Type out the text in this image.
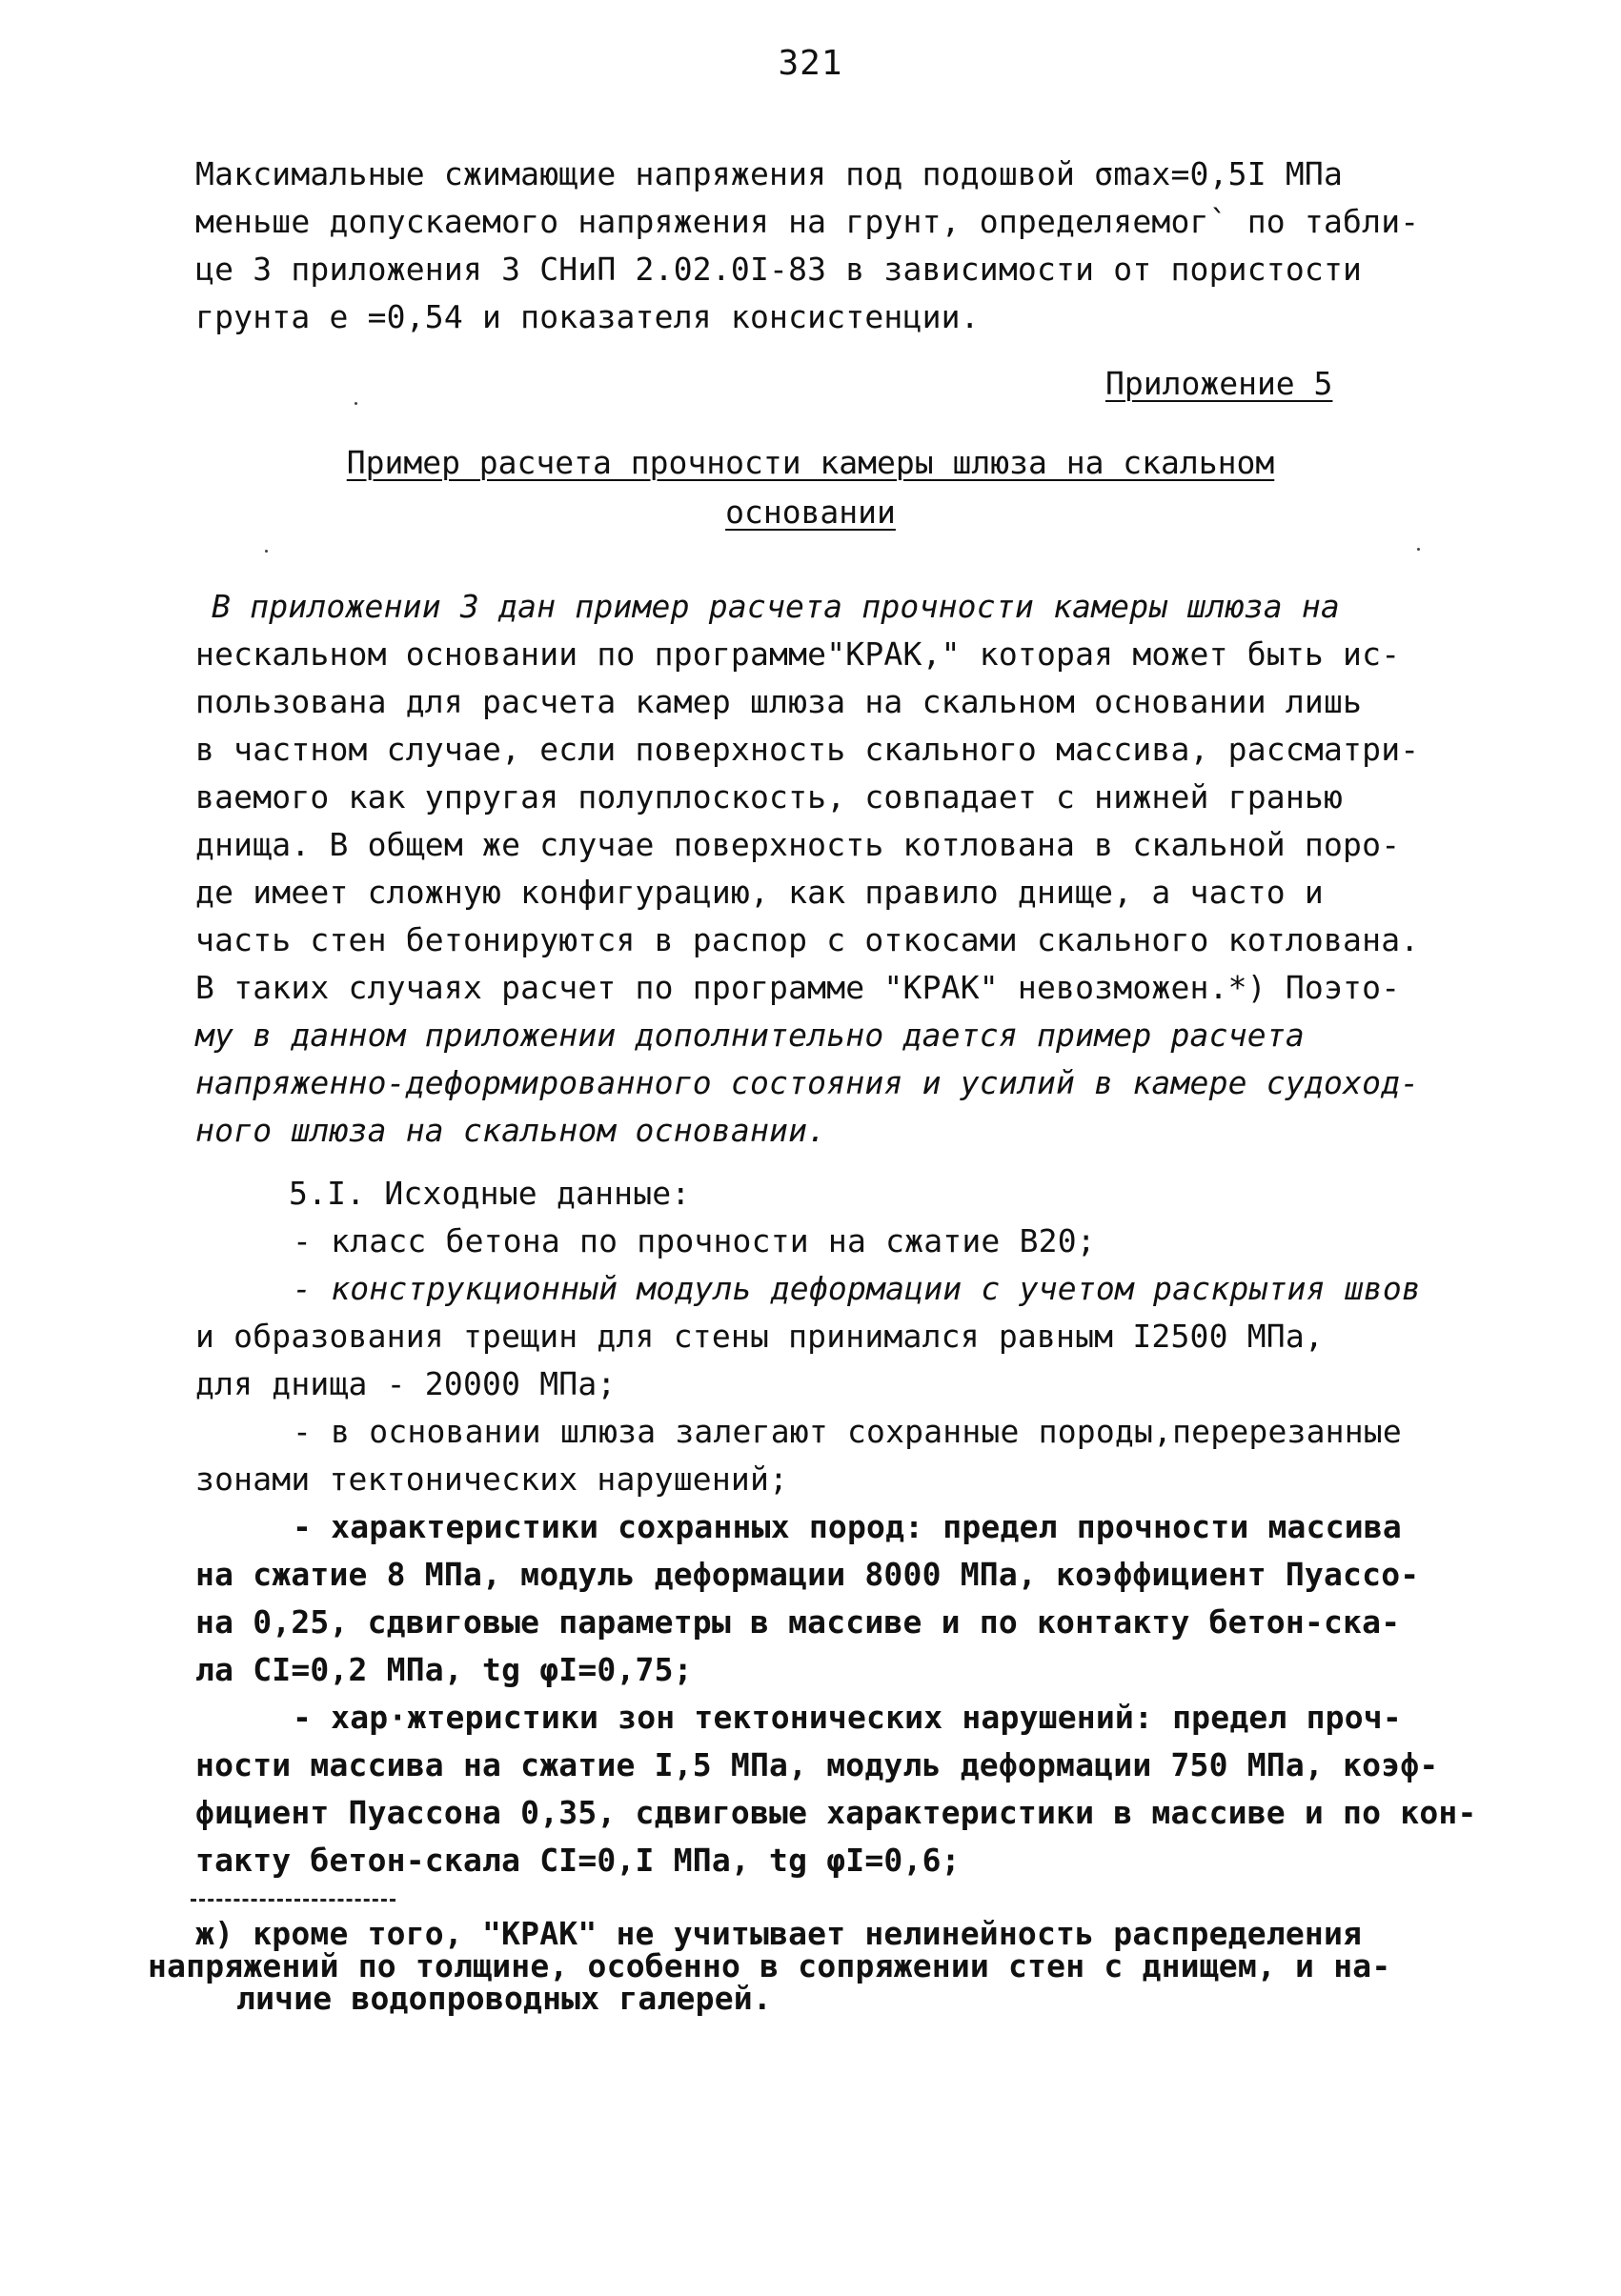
321
Максимальные сжимающие напряжения под подошвой σmax=0,5I МПа
меньше допускаемого напряжения на грунт, определяемог` по табли-
це 3 приложения 3 СНиП 2.02.0I-83 в зависимости от пористости
грунта e =0,54 и показателя консистенции.
Приложение 5
Пример расчета прочности камеры шлюза на скальном
основании
В приложении 3 дан пример расчета прочности камеры шлюза на
нескальном основании по программе"КРАК," которая может быть ис-
пользована для расчета камер шлюза на скальном основании лишь
в частном случае, если поверхность скального массива, рассматри-
ваемого как упругая полуплоскость, совпадает с нижней гранью
днища. В общем же случае поверхность котлована в скальной поро-
де имеет сложную конфигурацию, как правило днище, а часто и
часть стен бетонируются в распор с откосами скального котлована.
В таких случаях расчет по программе "КРАК" невозможен.*) Поэто-
му в данном приложении дополнительно дается пример расчета
напряженно-деформированного состояния и усилий в камере судоход-
ного шлюза на скальном основании.
5.I. Исходные данные:
- класс бетона по прочности на сжатие В20;
- конструкционный модуль деформации с учетом раскрытия швов
и образования трещин для стены принимался равным I2500 МПа,
для днища - 20000 МПа;
- в основании шлюза залегают сохранные породы,перерезанные
зонами тектонических нарушений;
- характеристики сохранных пород: предел прочности массива
на сжатие 8 МПа, модуль деформации 8000 МПа, коэффициент Пуассо-
на 0,25, сдвиговые параметры в массиве и по контакту бетон-ска-
ла CI=0,2 МПа, tg φI=0,75;
- хар·жтеристики зон тектонических нарушений: предел проч-
ности массива на сжатие I,5 МПа, модуль деформации 750 МПа, коэф-
фициент Пуассона 0,35, сдвиговые характеристики в массиве и по кон-
такту бетон-скала CI=0,I МПа, tg φI=0,6;
ж) кроме того, "КРАК" не учитывает нелинейность распределения
напряжений по толщине, особенно в сопряжении стен с днищем, и на-
личие водопроводных галерей.
